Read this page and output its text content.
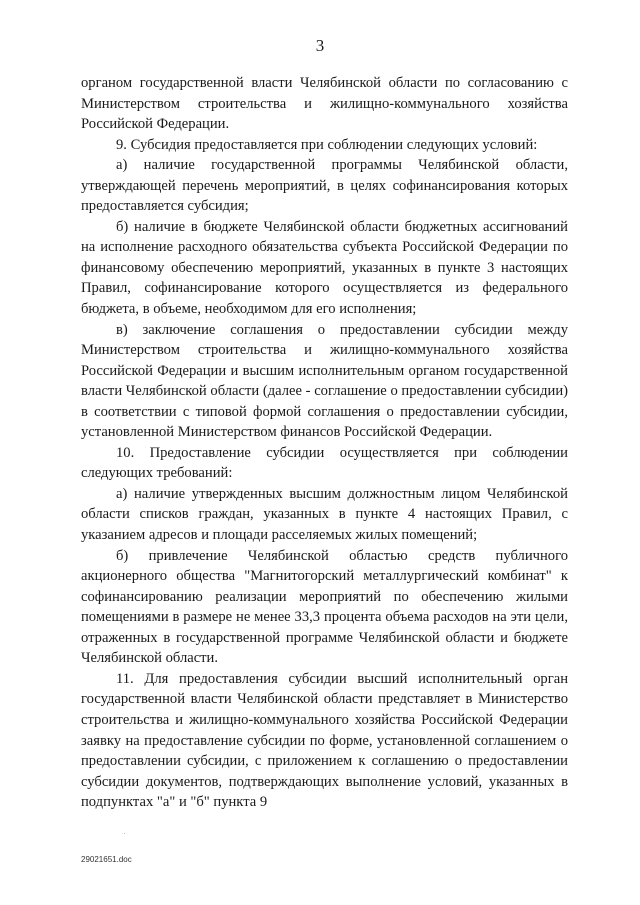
3

органом государственной власти Челябинской области по согласованию с Министерством строительства и жилищно-коммунального хозяйства Российской Федерации.

9. Субсидия предоставляется при соблюдении следующих условий:

а) наличие государственной программы Челябинской области, утверждающей перечень мероприятий, в целях софинансирования которых предоставляется субсидия;

б) наличие в бюджете Челябинской области бюджетных ассигнований на исполнение расходного обязательства субъекта Российской Федерации по финансовому обеспечению мероприятий, указанных в пункте 3 настоящих Правил, софинансирование которого осуществляется из федерального бюджета, в объеме, необходимом для его исполнения;

в) заключение соглашения о предоставлении субсидии между Министерством строительства и жилищно-коммунального хозяйства Российской Федерации и высшим исполнительным органом государственной власти Челябинской области (далее - соглашение о предоставлении субсидии) в соответствии с типовой формой соглашения о предоставлении субсидии, установленной Министерством финансов Российской Федерации.

10. Предоставление субсидии осуществляется при соблюдении следующих требований:

а) наличие утвержденных высшим должностным лицом Челябинской области списков граждан, указанных в пункте 4 настоящих Правил, с указанием адресов и площади расселяемых жилых помещений;

б) привлечение Челябинской областью средств публичного акционерного общества "Магнитогорский металлургический комбинат" к софинансированию реализации мероприятий по обеспечению жилыми помещениями в размере не менее 33,3 процента объема расходов на эти цели, отраженных в государственной программе Челябинской области и бюджете Челябинской области.

11. Для предоставления субсидии высший исполнительный орган государственной власти Челябинской области представляет в Министерство строительства и жилищно-коммунального хозяйства Российской Федерации заявку на предоставление субсидии по форме, установленной соглашением о предоставлении субсидии, с приложением к соглашению о предоставлении субсидии документов, подтверждающих выполнение условий, указанных в подпунктах "а" и "б" пункта 9

29021651.doc
